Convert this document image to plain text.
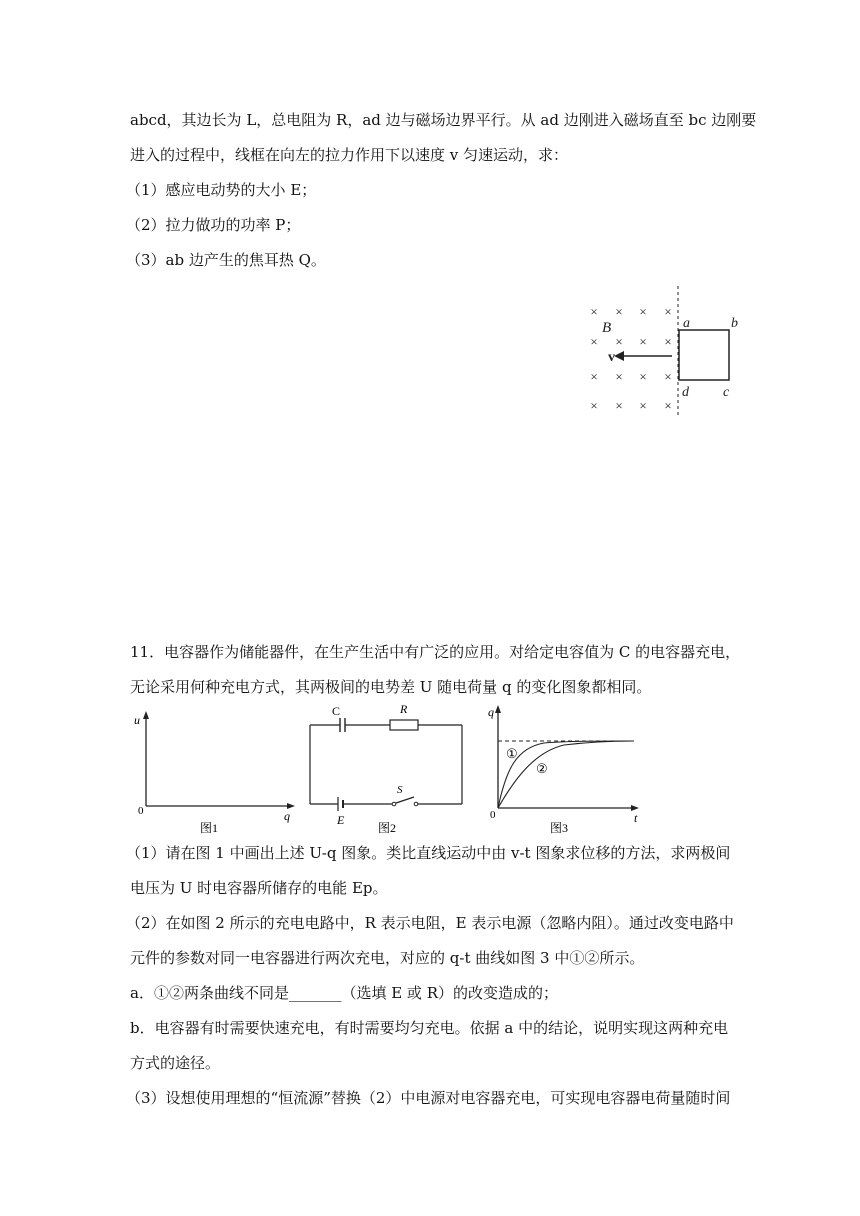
abcd，其边长为 L，总电阻为 R，ad 边与磁场边界平行。从 ad 边刚进入磁场直至 bc 边刚要
进入的过程中，线框在向左的拉力作用下以速度 v 匀速运动，求：
（1）感应电动势的大小 E；
（2）拉力做功的功率 P；
（3）ab 边产生的焦耳热 Q。
× × × ×
× × × ×
× × × ×
× × × ×
B
v
a	b
d c
11．电容器作为储能器件，在生产生活中有广泛的应用。对给定电容值为 C 的电容器充电，
无论采用何种充电方式，其两极间的电势差 U 随电荷量 q 的变化图象都相同。
u
q
0
图1
C	R
S
E
图2
q
t
0
①
②
图3
（1）请在图 1 中画出上述 U-q 图象。类比直线运动中由 v-t 图象求位移的方法，求两极间
电压为 U 时电容器所储存的电能 Ep。
（2）在如图 2 所示的充电电路中，R 表示电阻，E 表示电源（忽略内阻）。通过改变电路中
元件的参数对同一电容器进行两次充电，对应的 q-t 曲线如图 3 中①②所示。
a．①②两条曲线不同是_______（选填 E 或 R）的改变造成的；
b．电容器有时需要快速充电，有时需要均匀充电。依据 a 中的结论，说明实现这两种充电
方式的途径。
（3）设想使用理想的“恒流源”替换（2）中电源对电容器充电，可实现电容器电荷量随时间
